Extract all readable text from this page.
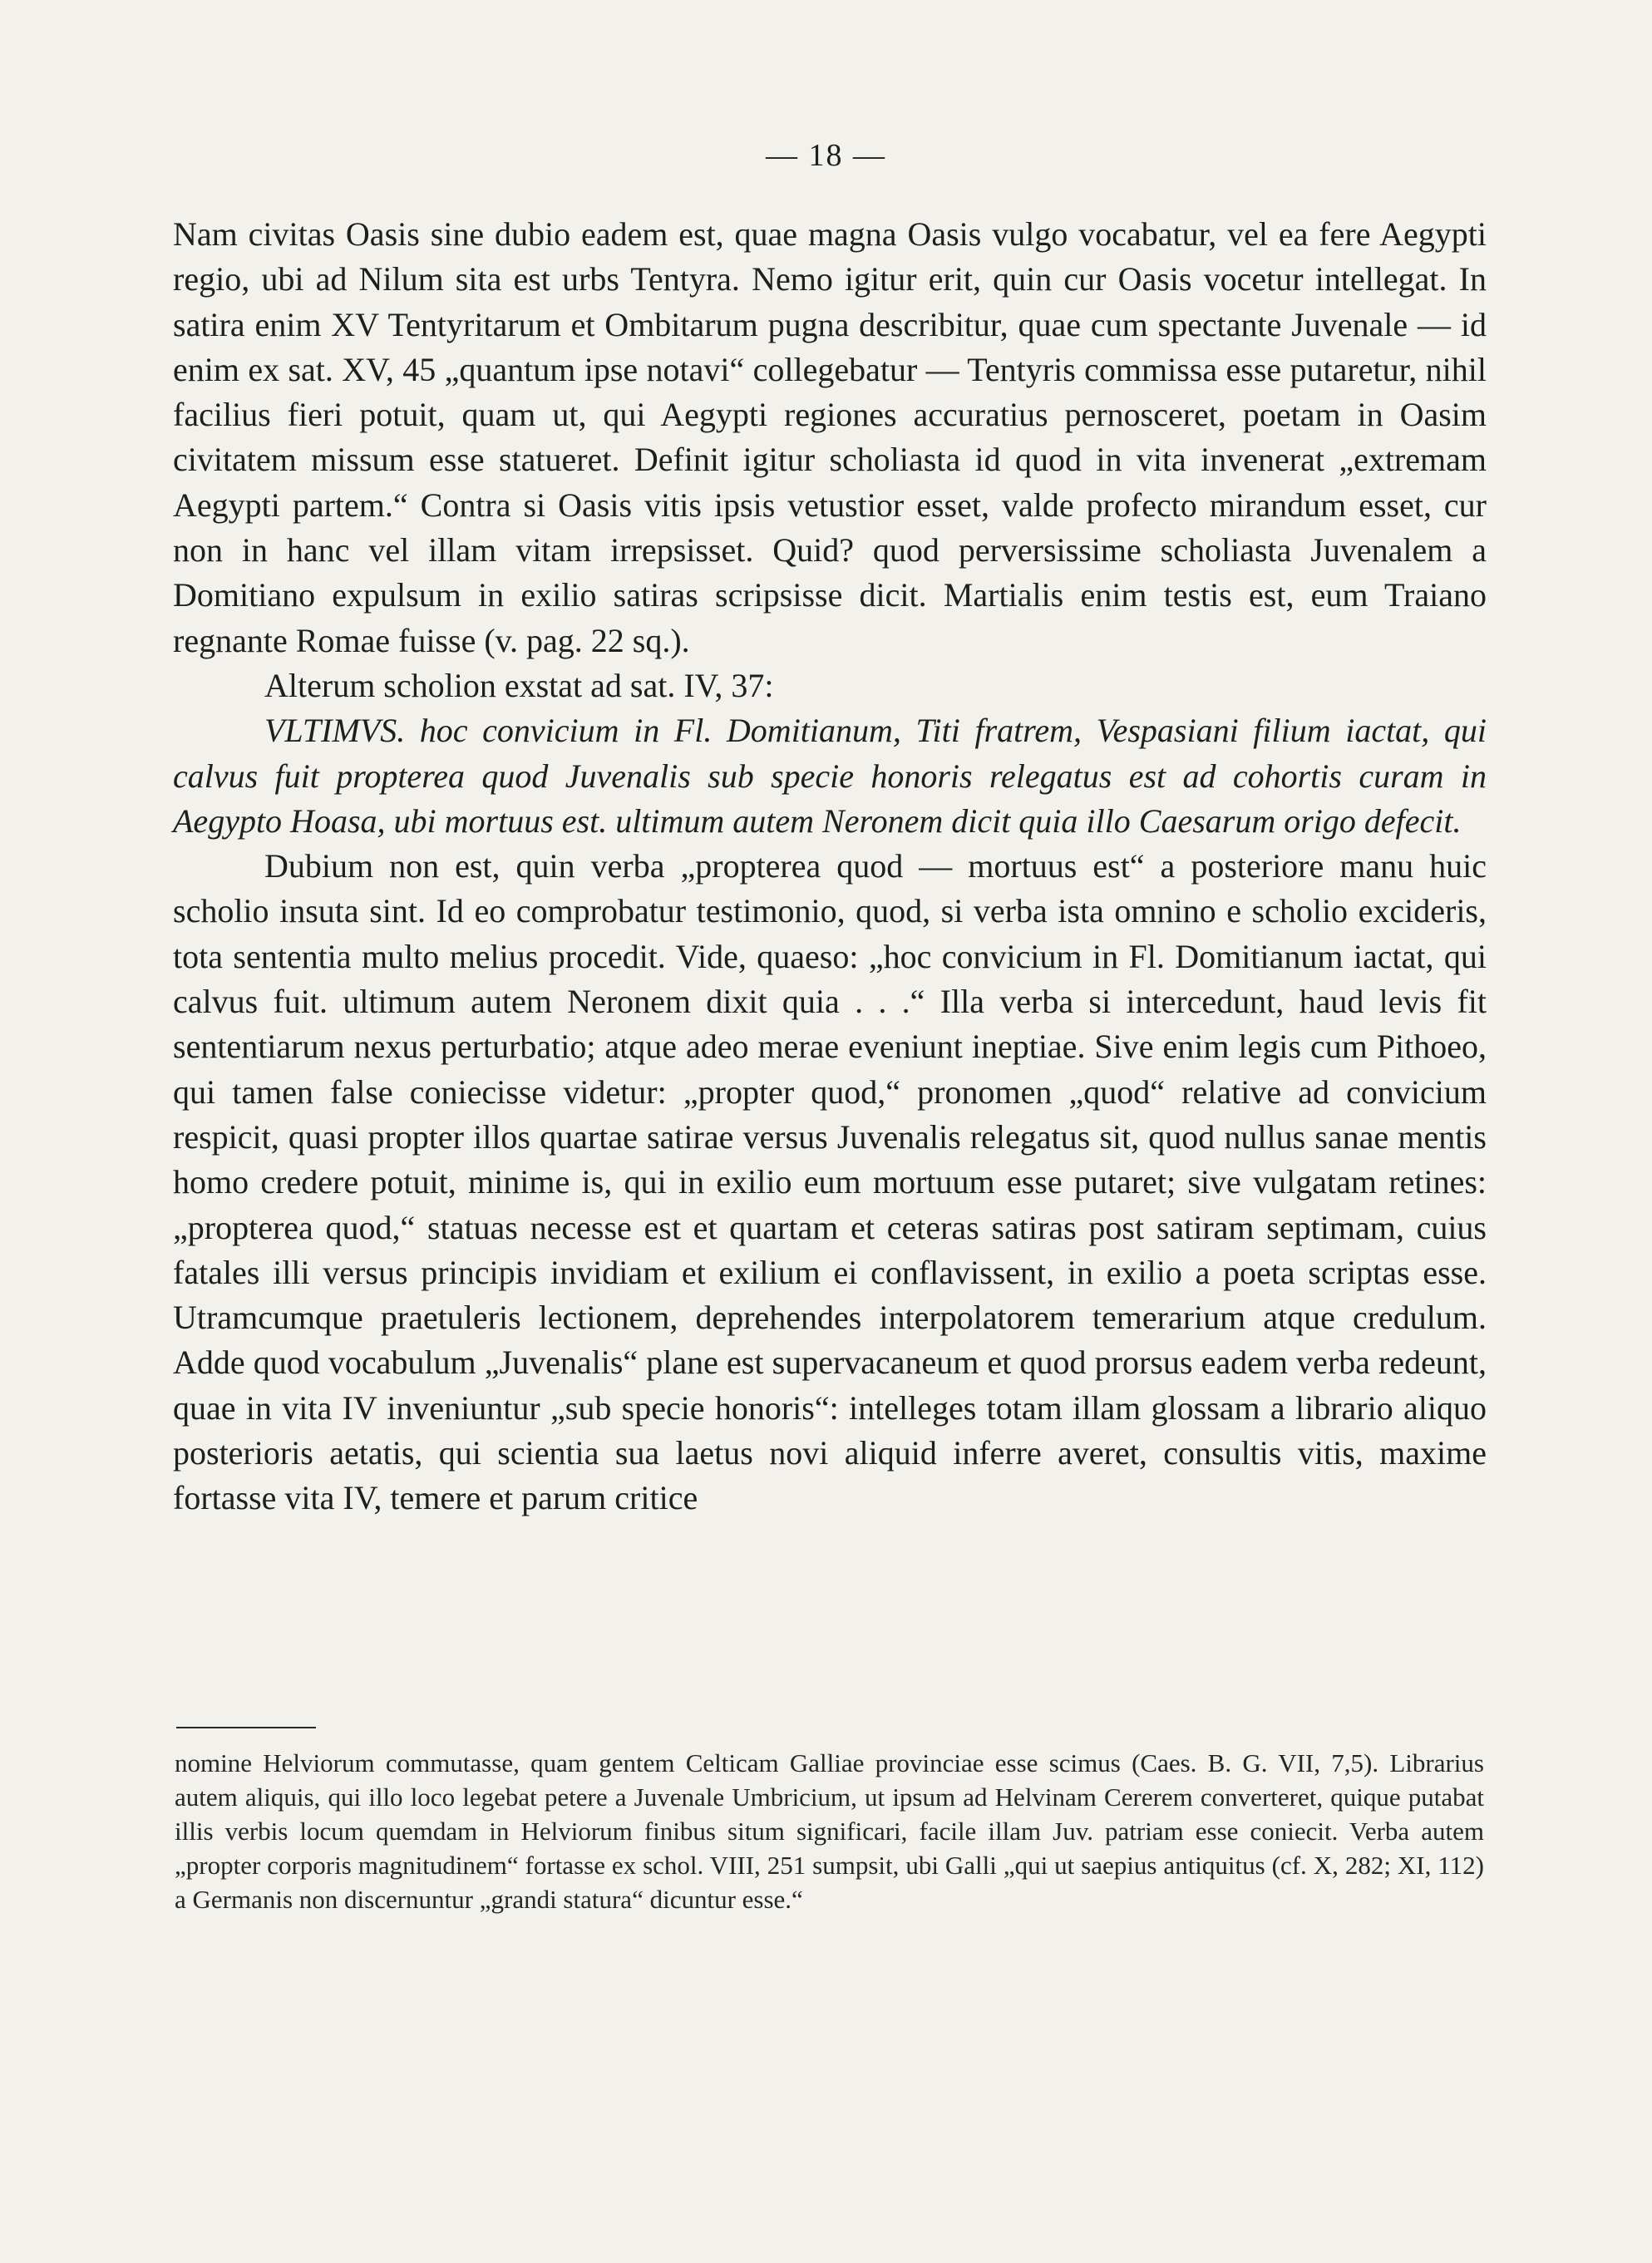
— 18 —

Nam civitas Oasis sine dubio eadem est, quae magna Oasis vulgo vocabatur, vel ea fere Aegypti regio, ubi ad Nilum sita est urbs Tentyra. Nemo igitur erit, quin cur Oasis vocetur intellegat. In satira enim XV Tentyritarum et Ombitarum pugna describitur, quae cum spectante Juvenale — id enim ex sat. XV, 45 „quantum ipse notavi“ collegebatur — Tentyris commissa esse putaretur, nihil facilius fieri potuit, quam ut, qui Aegypti regiones accuratius pernosceret, poetam in Oasim civitatem missum esse statueret. Definit igitur scholiasta id quod in vita invenerat „extremam Aegypti partem.“ Contra si Oasis vitis ipsis vetustior esset, valde profecto mirandum esset, cur non in hanc vel illam vitam irrepsisset. Quid? quod perversissime scholiasta Juvenalem a Domitiano expulsum in exilio satiras scripsisse dicit. Martialis enim testis est, eum Traiano regnante Romae fuisse (v. pag. 22 sq.).

Alterum scholion exstat ad sat. IV, 37:

VLTIMVS. hoc convicium in Fl. Domitianum, Titi fratrem, Vespasiani filium iactat, qui calvus fuit propterea quod Juvenalis sub specie honoris relegatus est ad cohortis curam in Aegypto Hoasa, ubi mortuus est. ultimum autem Neronem dicit quia illo Caesarum origo defecit.

Dubium non est, quin verba „propterea quod — mortuus est“ a posteriore manu huic scholio insuta sint. Id eo comprobatur testimonio, quod, si verba ista omnino e scholio excideris, tota sententia multo melius procedit. Vide, quaeso: „hoc convicium in Fl. Domitianum iactat, qui calvus fuit. ultimum autem Neronem dixit quia . . .“ Illa verba si intercedunt, haud levis fit sententiarum nexus perturbatio; atque adeo merae eveniunt ineptiae. Sive enim legis cum Pithoeo, qui tamen false coniecisse videtur: „propter quod,“ pronomen „quod“ relative ad convicium respicit, quasi propter illos quartae satirae versus Juvenalis relegatus sit, quod nullus sanae mentis homo credere potuit, minime is, qui in exilio eum mortuum esse putaret; sive vulgatam retines: „propterea quod,“ statuas necesse est et quartam et ceteras satiras post satiram septimam, cuius fatales illi versus principis invidiam et exilium ei conflavissent, in exilio a poeta scriptas esse. Utramcumque praetuleris lectionem, deprehendes interpolatorem temerarium atque credulum. Adde quod vocabulum „Juvenalis“ plane est supervacaneum et quod prorsus eadem verba redeunt, quae in vita IV inveniuntur „sub specie honoris“: intelleges totam illam glossam a librario aliquo posterioris aetatis, qui scientia sua laetus novi aliquid inferre averet, consultis vitis, maxime fortasse vita IV, temere et parum critice

nomine Helviorum commutasse, quam gentem Celticam Galliae provinciae esse scimus (Caes. B. G. VII, 7,5). Librarius autem aliquis, qui illo loco legebat petere a Juvenale Umbricium, ut ipsum ad Helvinam Cererem converteret, quique putabat illis verbis locum quemdam in Helviorum finibus situm significari, facile illam Juv. patriam esse coniecit. Verba autem „propter corporis magnitudinem“ fortasse ex schol. VIII, 251 sumpsit, ubi Galli „qui ut saepius antiquitus (cf. X, 282; XI, 112) a Germanis non discernuntur „grandi statura“ dicuntur esse.“
